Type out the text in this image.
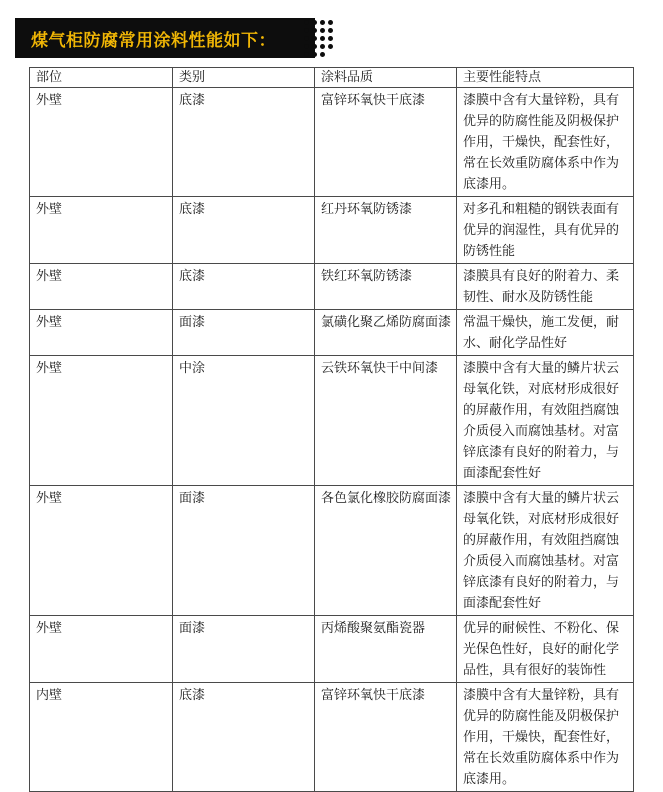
煤气柜防腐常用涂料性能如下：
部位	类别	涂料品质	主要性能特点
外壁	底漆	富锌环氧快干底漆	漆膜中含有大量锌粉，具有优异的防腐性能及阴极保护作用，干燥快，配套性好，常在长效重防腐体系中作为底漆用。
外壁	底漆	红丹环氧防锈漆	对多孔和粗糙的钢铁表面有优异的润湿性，具有优异的防锈性能
外壁	底漆	铁红环氧防锈漆	漆膜具有良好的附着力、柔韧性、耐水及防锈性能
外壁	面漆	氯磺化聚乙烯防腐面漆	常温干燥快，施工发便，耐水、耐化学品性好
外壁	中涂	云铁环氧快干中间漆	漆膜中含有大量的鳞片状云母氧化铁，对底材形成很好的屏蔽作用，有效阻挡腐蚀介质侵入而腐蚀基材。对富锌底漆有良好的附着力，与面漆配套性好
外壁	面漆	各色氯化橡胶防腐面漆	漆膜中含有大量的鳞片状云母氧化铁，对底材形成很好的屏蔽作用，有效阻挡腐蚀介质侵入而腐蚀基材。对富锌底漆有良好的附着力，与面漆配套性好
外壁	面漆	丙烯酸聚氨酯瓷器	优异的耐候性、不粉化、保光保色性好，良好的耐化学品性，具有很好的装饰性
内壁	底漆	富锌环氧快干底漆	漆膜中含有大量锌粉，具有优异的防腐性能及阴极保护作用，干燥快，配套性好，常在长效重防腐体系中作为底漆用。
